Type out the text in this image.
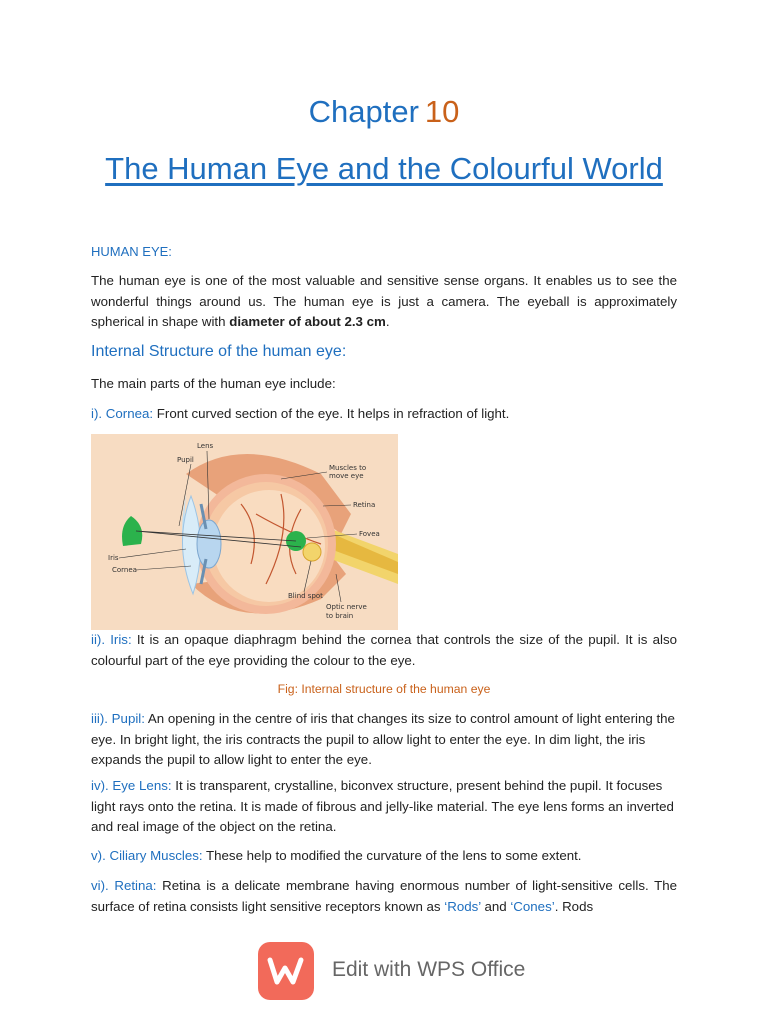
Chapter 10
The Human Eye and the Colourful World
HUMAN EYE:
The human eye is one of the most valuable and sensitive sense organs. It enables us to see the wonderful things around us. The human eye is just a camera. The eyeball is approximately spherical in shape with diameter of about 2.3 cm.
Internal Structure of the human eye:
The main parts of the human eye include:
i). Cornea: Front curved section of the eye. It helps in refraction of light.
Lens
Pupil
Muscles to
move eye
Retina
Fovea
Iris
Cornea
Blind spot
Optic nerve
to brain
ii). Iris: It is an opaque diaphragm behind the cornea that controls the size of the pupil. It is also colourful part of the eye providing the colour to the eye.
Fig: Internal structure of the human eye
iii). Pupil: An opening in the centre of iris that changes its size to control amount of light entering the eye. In bright light, the iris contracts the pupil to allow light to enter the eye. In dim light, the iris expands the pupil to allow light to enter the eye.
iv). Eye Lens: It is transparent, crystalline, biconvex structure, present behind the pupil. It focuses light rays onto the retina. It is made of fibrous and jelly-like material. The eye lens forms an inverted and real image of the object on the retina.
v). Ciliary Muscles: These help to modified the curvature of the lens to some extent.
vi). Retina: Retina is a delicate membrane having enormous number of light-sensitive cells. The surface of retina consists light sensitive receptors known as ‘Rods’ and ‘Cones’. Rods
Edit with WPS Office
